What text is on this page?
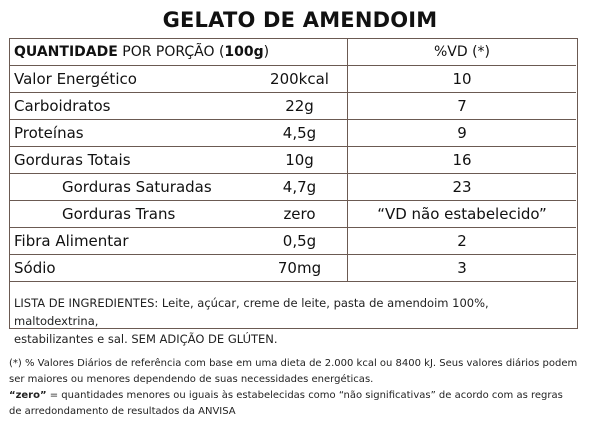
GELATO DE AMENDOIM
QUANTIDADE POR PORÇÃO (100g)		%VD (*)
Valor Energético	200kcal	10
Carboidratos	22g	7
Proteínas	4,5g	9
Gorduras Totais	10g	16
Gorduras Saturadas	4,7g	23
Gorduras Trans	zero	“VD não estabelecido”
Fibra Alimentar	0,5g	2
Sódio	70mg	3
LISTA DE INGREDIENTES: Leite, açúcar, creme de leite, pasta de amendoim 100%, maltodextrina,
estabilizantes e sal. SEM ADIÇÃO DE GLÚTEN.
(*) % Valores Diários de referência com base em uma dieta de 2.000 kcal ou 8400 kJ. Seus valores diários podem
ser maiores ou menores dependendo de suas necessidades energéticas.
“zero” = quantidades menores ou iguais às estabelecidas como “não significativas” de acordo com as regras
de arredondamento de resultados da ANVISA
